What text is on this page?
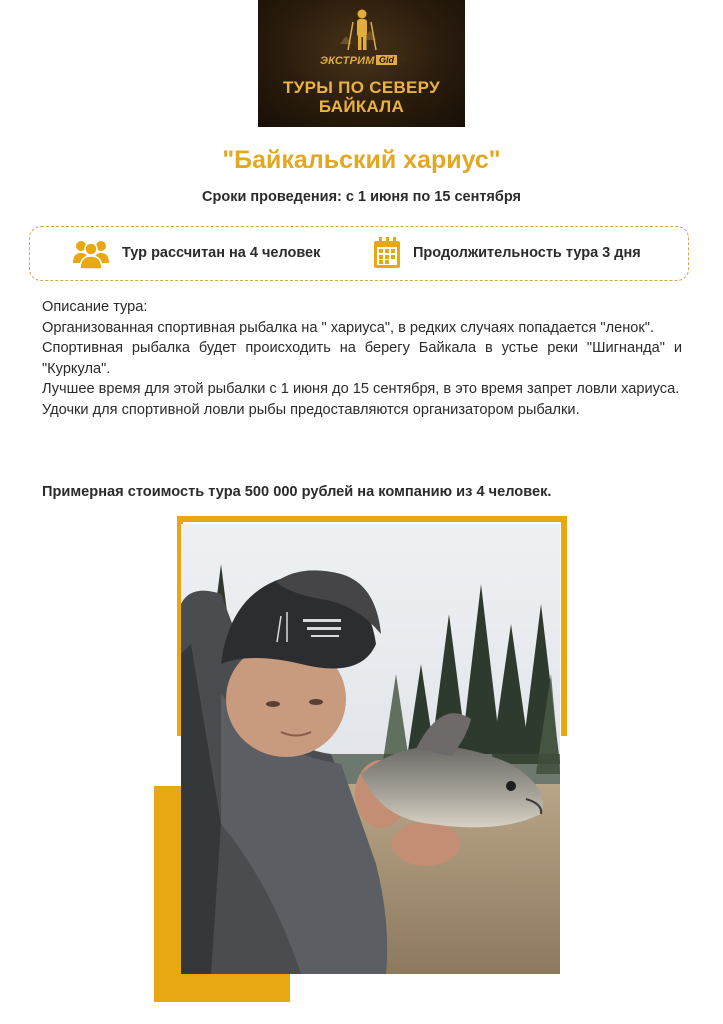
ЭКСТРИМ Gid
ТУРЫ ПО СЕВЕРУ
БАЙКАЛА
"Байкальский хариус"
Сроки проведения: с 1 июня по 15 сентября
Тур рассчитан на 4 человек	Продолжительность тура 3 дня

Описание тура:

Организованная спортивная рыбалка на " хариуса", в редких случаях попадается "ленок".

Спортивная рыбалка будет происходить на берегу Байкала в устье реки "Шигнанда" и "Куркула".

Лучшее время для этой рыбалки с 1 июня до 15 сентября, в это время запрет ловли хариуса.

Удочки для спортивной ловли рыбы предоставляются организатором рыбалки.

Примерная стоимость тура 500 000 рублей на компанию из 4 человек.
